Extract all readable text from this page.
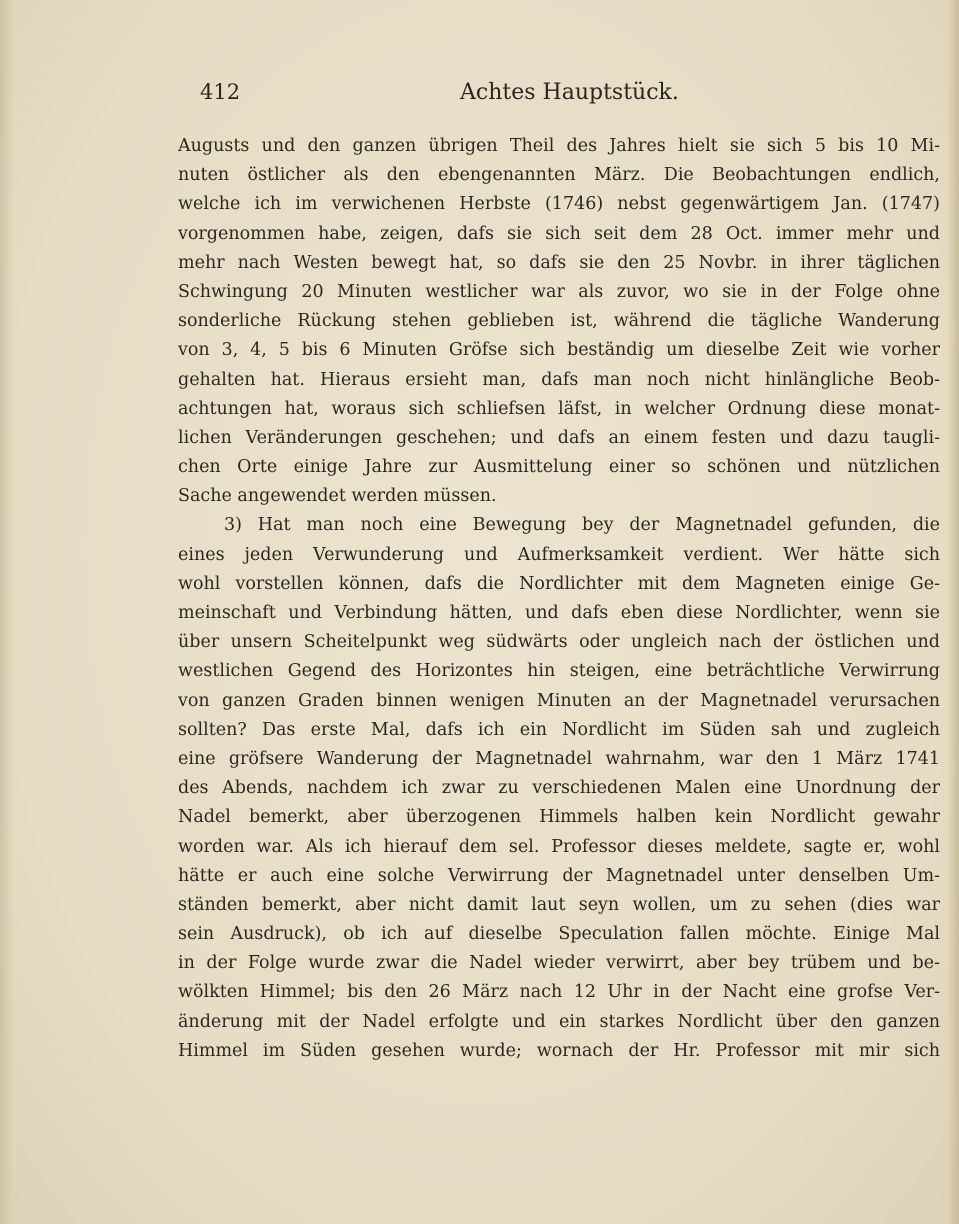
412	Achtes Hauptstück.
Augusts und den ganzen übrigen Theil des Jahres hielt sie sich 5 bis 10 Mi-
nuten östlicher als den ebengenannten März. Die Beobachtungen endlich,
welche ich im verwichenen Herbste (1746) nebst gegenwärtigem Jan. (1747)
vorgenommen habe, zeigen, dafs sie sich seit dem 28 Oct. immer mehr und
mehr nach Westen bewegt hat, so dafs sie den 25 Novbr. in ihrer täglichen
Schwingung 20 Minuten westlicher war als zuvor, wo sie in der Folge ohne
sonderliche Rückung stehen geblieben ist, während die tägliche Wanderung
von 3, 4, 5 bis 6 Minuten Gröfse sich beständig um dieselbe Zeit wie vorher
gehalten hat. Hieraus ersieht man, dafs man noch nicht hinlängliche Beob-
achtungen hat, woraus sich schliefsen läfst, in welcher Ordnung diese monat-
lichen Veränderungen geschehen; und dafs an einem festen und dazu taugli-
chen Orte einige Jahre zur Ausmittelung einer so schönen und nützlichen
Sache angewendet werden müssen.
3) Hat man noch eine Bewegung bey der Magnetnadel gefunden, die
eines jeden Verwunderung und Aufmerksamkeit verdient. Wer hätte sich
wohl vorstellen können, dafs die Nordlichter mit dem Magneten einige Ge-
meinschaft und Verbindung hätten, und dafs eben diese Nordlichter, wenn sie
über unsern Scheitelpunkt weg südwärts oder ungleich nach der östlichen und
westlichen Gegend des Horizontes hin steigen, eine beträchtliche Verwirrung
von ganzen Graden binnen wenigen Minuten an der Magnetnadel verursachen
sollten? Das erste Mal, dafs ich ein Nordlicht im Süden sah und zugleich
eine gröfsere Wanderung der Magnetnadel wahrnahm, war den 1 März 1741
des Abends, nachdem ich zwar zu verschiedenen Malen eine Unordnung der
Nadel bemerkt, aber überzogenen Himmels halben kein Nordlicht gewahr
worden war. Als ich hierauf dem sel. Professor dieses meldete, sagte er, wohl
hätte er auch eine solche Verwirrung der Magnetnadel unter denselben Um-
ständen bemerkt, aber nicht damit laut seyn wollen, um zu sehen (dies war
sein Ausdruck), ob ich auf dieselbe Speculation fallen möchte. Einige Mal
in der Folge wurde zwar die Nadel wieder verwirrt, aber bey trübem und be-
wölkten Himmel; bis den 26 März nach 12 Uhr in der Nacht eine grofse Ver-
änderung mit der Nadel erfolgte und ein starkes Nordlicht über den ganzen
Himmel im Süden gesehen wurde; wornach der Hr. Professor mit mir sich
